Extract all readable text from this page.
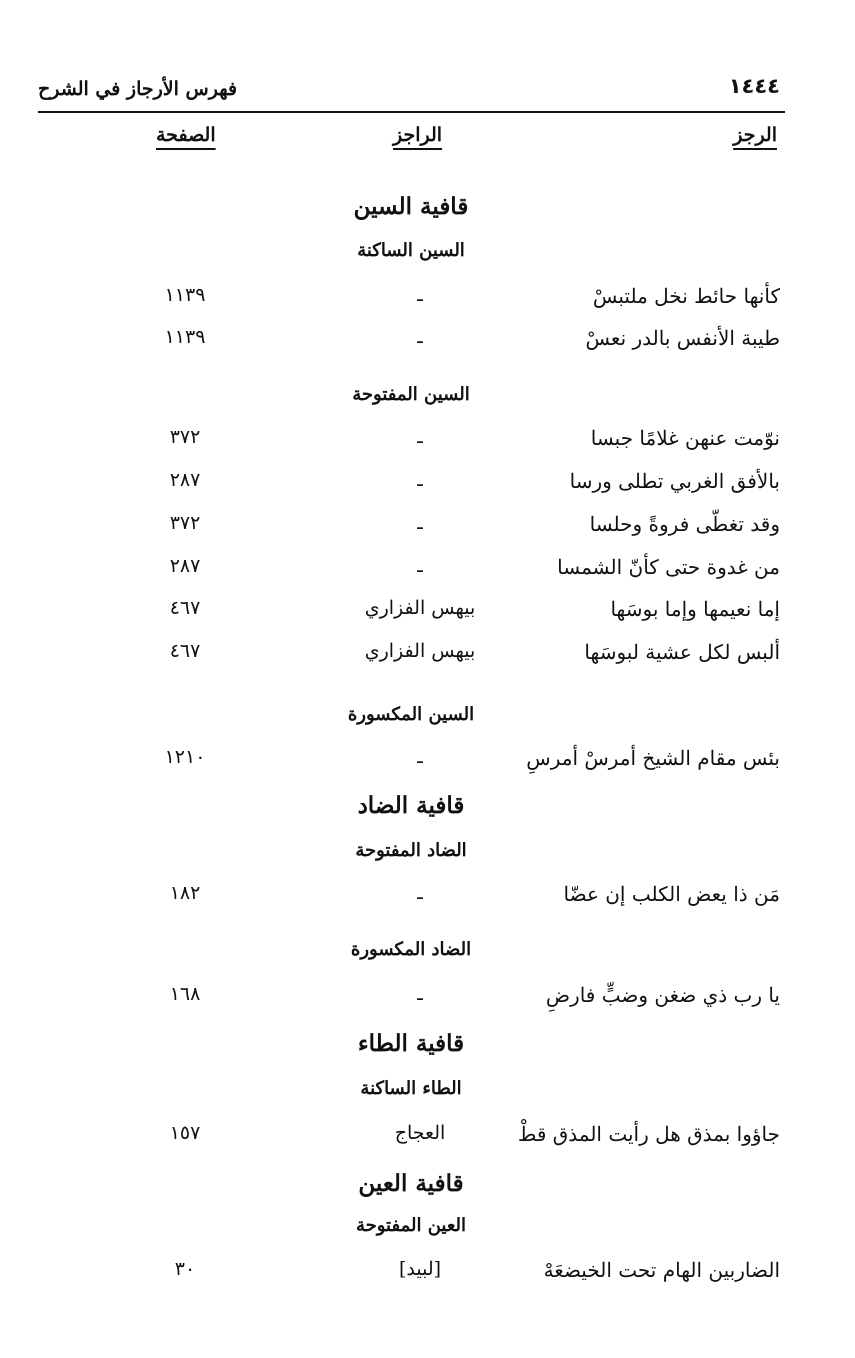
١٤٤٤
فهرس الأرجاز في الشرح
الرجز
الراجز
الصفحة
قافية السين
السين الساكنة
كأنها حائط نخل ملتبسْ
ـ
١١٣٩
طيبة الأنفس بالدر نعسْ
ـ
١١٣٩
السين المفتوحة
نوّمت عنهن غلامًا جبسا
ـ
٣٧٢
بالأفق الغربي تطلى ورسا
ـ
٢٨٧
وقد تغطّى فروةً وحلسا
ـ
٣٧٢
من غدوة حتى كأنّ الشمسا
ـ
٢٨٧
إما نعيمها وإما بوسَها
بيهس الفزاري
٤٦٧
ألبس لكل عشية لبوسَها
بيهس الفزاري
٤٦٧
السين المكسورة
بئس مقام الشيخ أمرسْ أمرسِ
ـ
١٢١٠
قافية الضاد
الضاد المفتوحة
مَن ذا يعض الكلب إن عضّا
ـ
١٨٢
الضاد المكسورة
يا رب ذي ضغن وضبٍّ فارضِ
ـ
١٦٨
قافية الطاء
الطاء الساكنة
جاؤوا بمذق هل رأيت المذق قطْ
العجاج
١٥٧
قافية العين
العين المفتوحة
الضاربين الهام تحت الخيضعَهْ
[لبيد]
٣٠
